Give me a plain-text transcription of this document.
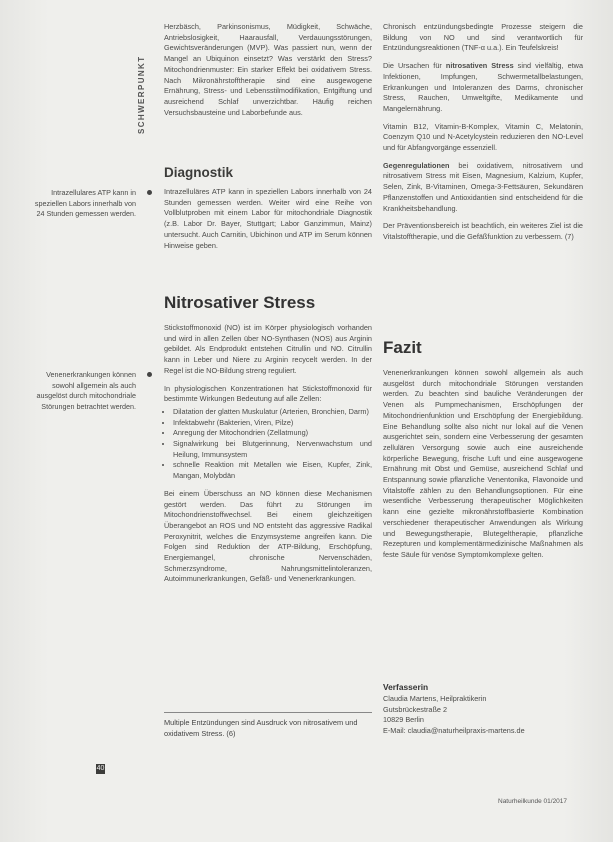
SCHWERPUNKT
Intrazellulares ATP kann in speziellen Labors innerhalb von 24 Stunden gemessen werden.
Venenerkrankungen können sowohl allgemein als auch ausgelöst durch mitochondriale Störungen betrachtet werden.

Herzbäsch, Parkinsonismus, Müdigkeit, Schwäche, Antriebslosigkeit, Haarausfall, Verdauungsstörungen, Gewichtsveränderungen (MVP). Was passiert nun, wenn der Mangel an Ubiquinon einsetzt? Was verstärkt den Stress? Mitochondrienmuster: Ein starker Effekt bei oxidativem Stress. Nach Mikronährstofftherapie sind eine ausgewogene Ernährung, Stress- und Lebensstilmodifikation, Entgiftung und ausreichend Schlaf unverzichtbar. Häufig reichen Versuchsbausteine und Laborbefunde aus.

Diagnostik

Intrazelluläres ATP kann in speziellen Labors innerhalb von 24 Stunden gemessen werden. Weiter wird eine Reihe von Vollblutproben mit einem Labor für mitochondriale Diagnostik (z.B. Labor Dr. Bayer, Stuttgart; Labor Ganzimmun, Mainz) untersucht. Auch Carnitin, Ubichinon und ATP im Serum können Hinweise geben.

Nitrosativer Stress

Stickstoffmonoxid (NO) ist im Körper physiologisch vorhanden und wird in allen Zellen über NO-Synthasen (NOS) aus Arginin gebildet. Als Endprodukt entstehen Citrullin und NO. Citrullin kann in Leber und Niere zu Arginin recycelt werden. In der Regel ist die NO-Bildung streng reguliert.

In physiologischen Konzentrationen hat Stickstoffmonoxid für bestimmte Wirkungen Bedeutung auf alle Zellen:

• Dilatation der glatten Muskulatur (Arterien, Bronchien, Darm)
• Infektabwehr (Bakterien, Viren, Pilze)
• Anregung der Mitochondrien (Zellatmung)
• Signalwirkung bei Blutgerinnung, Nervenwachstum und Heilung, Immunsystem
• schnelle Reaktion mit Metallen wie Eisen, Kupfer, Zink, Mangan, Molybdän

Bei einem Überschuss an NO können diese Mechanismen gestört werden. Das führt zu Störungen im Mitochondrienstoffwechsel. Bei einem gleichzeitigen Überangebot an ROS und NO entsteht das aggressive Radikal Peroxynitrit, welches die Enzymsysteme angreifen kann. Die Folgen sind Reduktion der ATP-Bildung, Erschöpfung, Energiemangel, chronische Nervenschäden, Schmerzsyndrome, Nahrungsmittelintoleranzen, Autoimmunerkrankungen, Gefäß- und Venenerkrankungen.

Multiple Entzündungen sind Ausdruck von nitrosativem und oxidativem Stress. (6)

Chronisch entzündungsbedingte Prozesse steigern die Bildung von NO und sind verantwortlich für Entzündungsreaktionen (TNF-α u.a.). Ein Teufelskreis!

Die Ursachen für nitrosativen Stress sind vielfältig, etwa Infektionen, Impfungen, Schwermetallbelastungen, Erkrankungen und Intoleranzen des Darms, chronischer Stress, Rauchen, Umweltgifte, Medikamente und Mangelernährung.

Vitamin B12, Vitamin-B-Komplex, Vitamin C, Melatonin, Coenzym Q10 und N-Acetylcystein reduzieren den NO-Level und für Abfangvorgänge essenziell.

Gegenregulationen bei oxidativem, nitrosativem und nitrosativem Stress mit Eisen, Magnesium, Kalzium, Kupfer, Selen, Zink, B-Vitaminen, Omega-3-Fettsäuren, Sekundären Pflanzenstoffen und Antioxidantien sind entscheidend für die Krankheitsbehandlung.

Der Präventionsbereich ist beachtlich, ein weiteres Ziel ist die Vitalstofftherapie, und die Gefäßfunktion zu verbessern. (7)

Fazit

Venenerkrankungen können sowohl allgemein als auch ausgelöst durch mitochondriale Störungen verstanden werden. Zu beachten sind bauliche Veränderungen der Venen als Pumpmechanismen, Erschöpfungen der Mitochondrienfunktion und Erschöpfung der Energiebildung. Eine Behandlung sollte also nicht nur lokal auf die Venen ausgerichtet sein, sondern eine Verbesserung der gesamten zellulären Versorgung sowie auch eine ausreichende körperliche Bewegung, frische Luft und eine ausgewogene Ernährung mit Obst und Gemüse, ausreichend Schlaf und Entspannung sowie pflanzliche Venentonika, Flavonoide und Vitalstoffe zählen zu den Behandlungsoptionen. Für eine wesentliche Verbesserung therapeutischer Möglichkeiten kann eine gezielte mikronährstoffbasierte Kombination verschiedener therapeutischer Anwendungen als Wirkung und Bewegungstherapie, Blutegeltherapie, pflanzliche Rezepturen und komplementärmedizinische Maßnahmen als feste Säule für venöse Symptomkomplexe gelten.

Verfasserin
Claudia Martens, Heilpraktikerin
Gutsbrückestraße 2
10829 Berlin
E-Mail: claudia@naturheilpraxis-martens.de
40
Naturheilkunde 01/2017
